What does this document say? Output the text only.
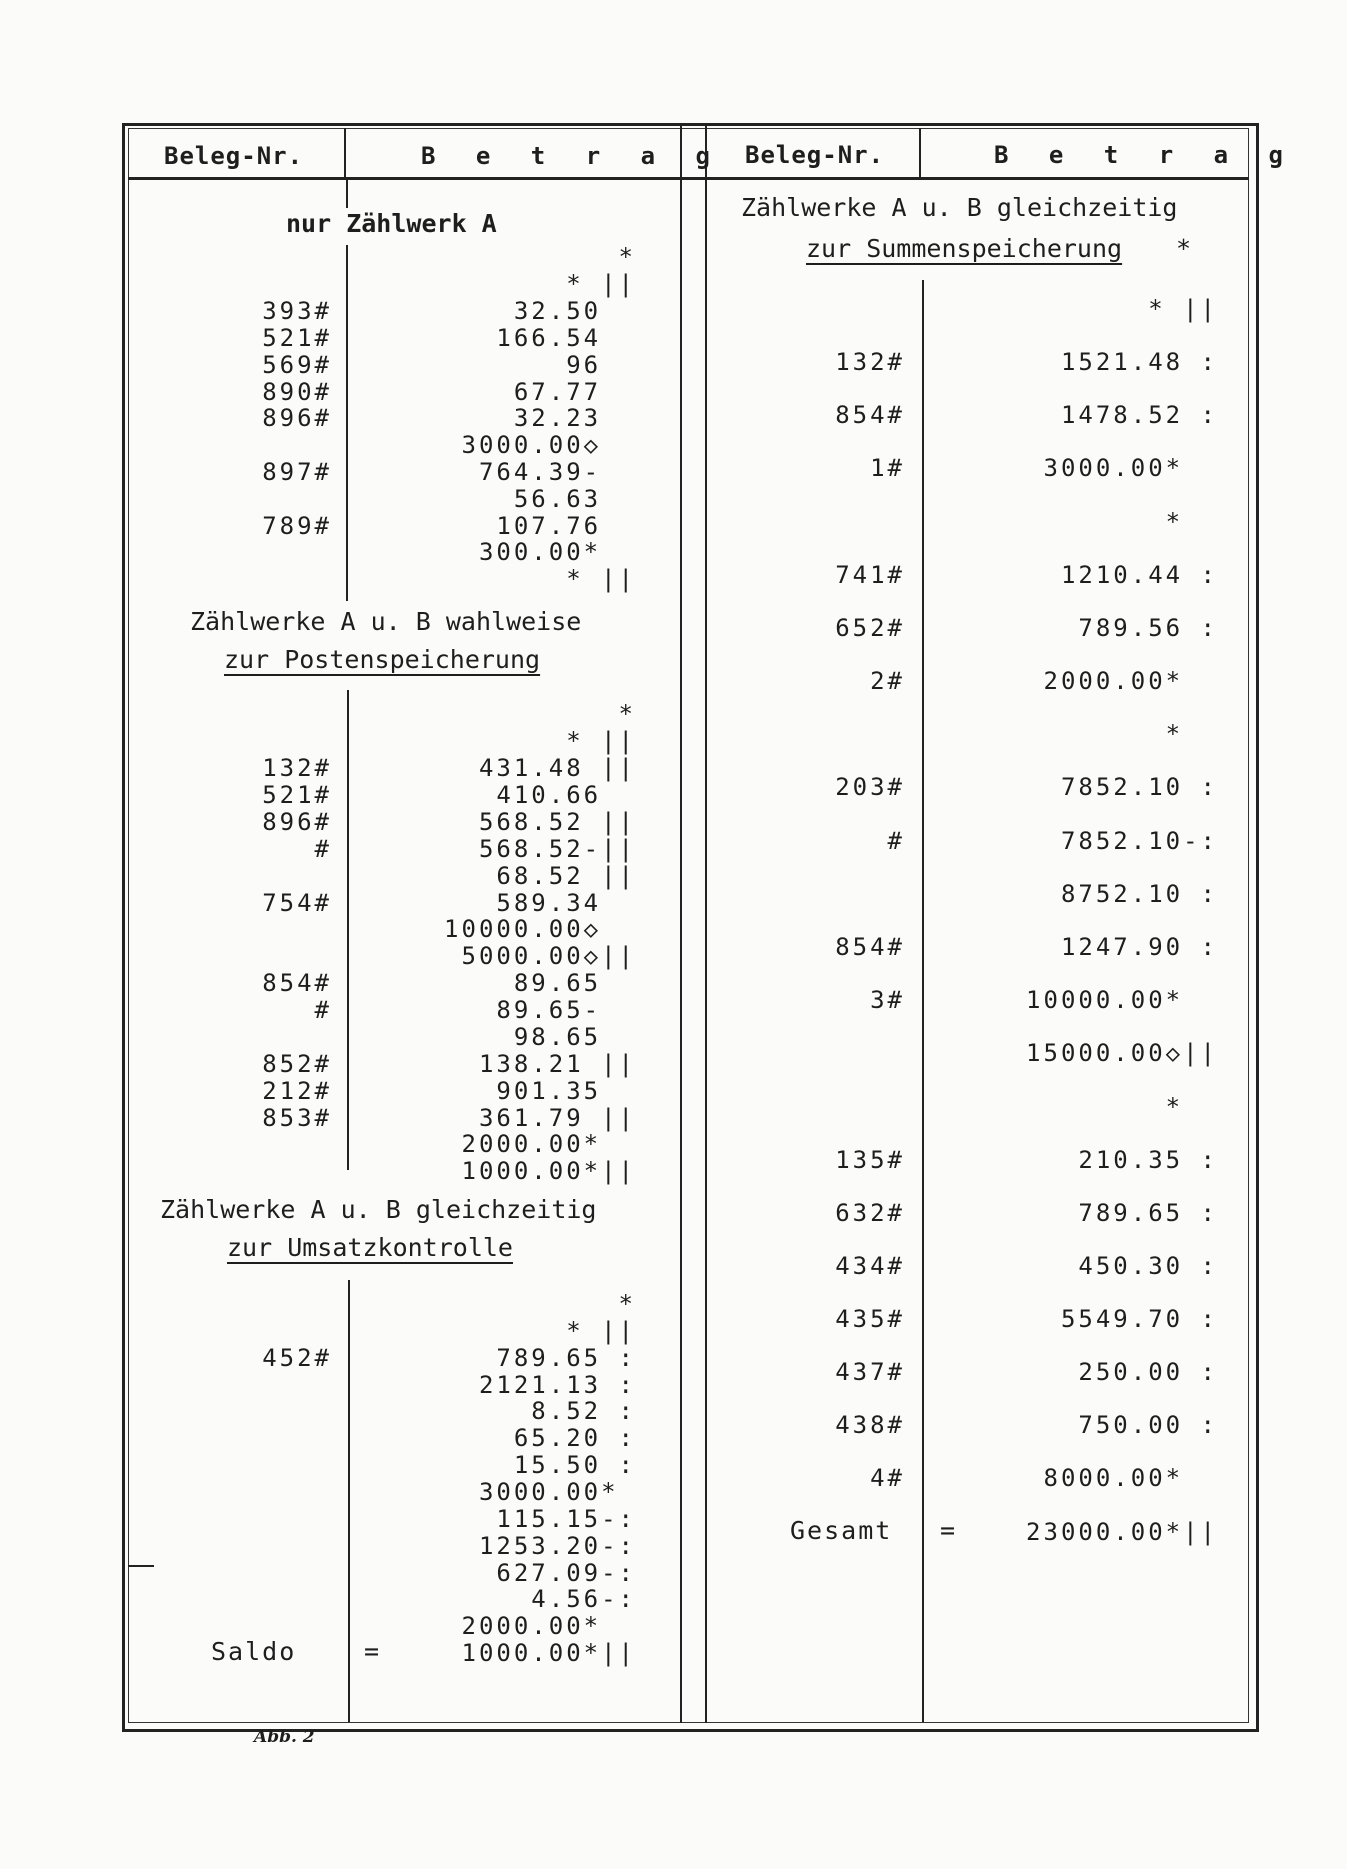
Beleg-Nr.	B e t r a g Beleg-Nr.	B e t r a g
nur Zählwerk A
Zählwerke A u. B wahlweise
zur Postenspeicherung
Zählwerke A u. B gleichzeitig
zur Umsatzkontrolle
Zählwerke A u. B gleichzeitig
zur Summenspeicherung *
Abb. 2
*
* ||
393#	32.50
521#	166.54
569#	96
890#	67.77
896#	32.23
3000.00◇
897#	764.39-
56.63
789#	107.76
300.00*
* ||
*
* ||
132#	431.48 ||
521#	410.66
896#	568.52 ||
#	568.52-||
68.52 ||
754#	589.34
10000.00◇
5000.00◇||
854#	89.65
#	89.65-
98.65
852#	138.21 ||
212#	901.35
853#	361.79 ||
2000.00*
1000.00*||
*
* ||
452#	789.65 :
2121.13 :
8.52 :
65.20 :
15.50 :
3000.00*
115.15-:
1253.20-:
627.09-:
4.56-:
2000.00*
Saldo	=	1000.00*||
* ||
132#	1521.48 :
854#	1478.52 :
1#	3000.00*
*
741#	1210.44 :
652#	789.56 :
2#	2000.00*
*
203#	7852.10 :
#	7852.10-:
8752.10 :
854#	1247.90 :
3#	10000.00*
15000.00◇||
*
135#	210.35 :
632#	789.65 :
434#	450.30 :
435#	5549.70 :
437#	250.00 :
438#	750.00 :
4#	8000.00*
Gesamt =	23000.00*||
